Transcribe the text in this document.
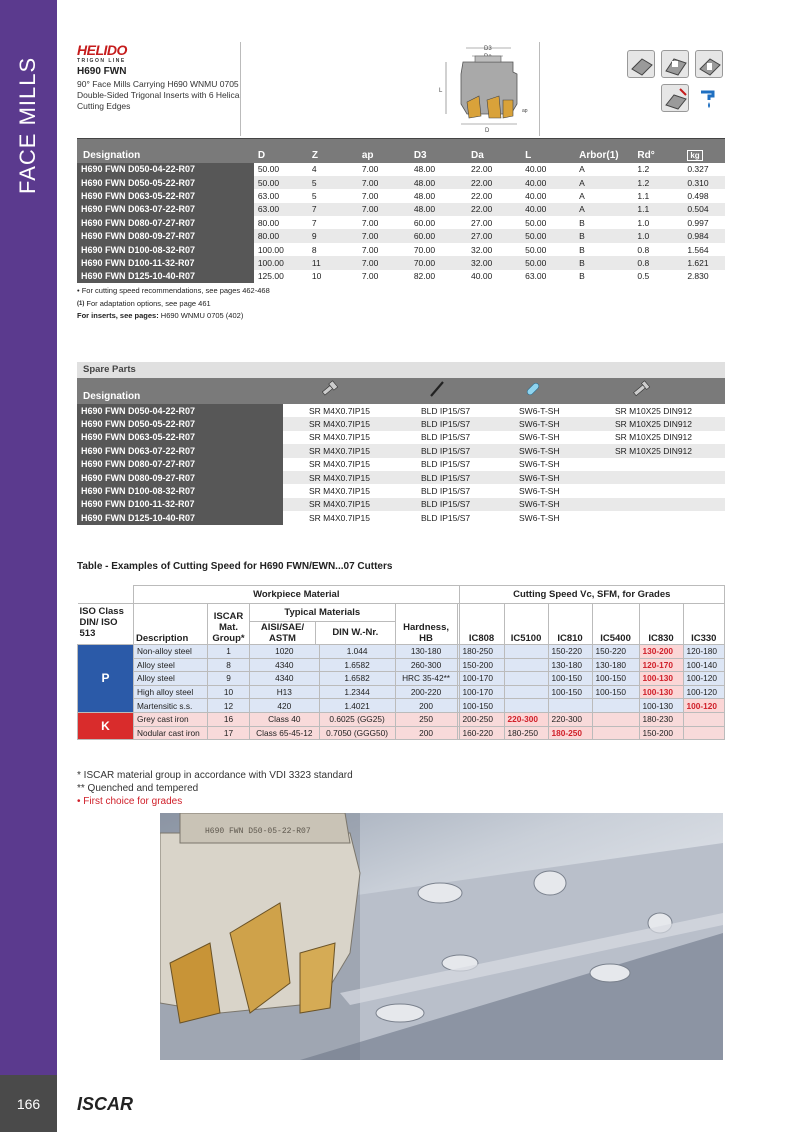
FACE MILLS
166	ISCAR
HELIDO
TRIGON LINE
H690 FWN
90° Face Mills Carrying H690 WNMU 0705 Double-Sided Trigonal Inserts with 6 Helical Cutting Edges
D3
L
ap
D
Designation	D	Z	ap	D3	Da	L	Arbor(1)	Rd°	kg
H690 FWN D050-04-22-R07	50.00	4	7.00	48.00	22.00	40.00	A	1.2	0.327
H690 FWN D050-05-22-R07	50.00	5	7.00	48.00	22.00	40.00	A	1.2	0.310
H690 FWN D063-05-22-R07	63.00	5	7.00	48.00	22.00	40.00	A	1.1	0.498
H690 FWN D063-07-22-R07	63.00	7	7.00	48.00	22.00	40.00	A	1.1	0.504
H690 FWN D080-07-27-R07	80.00	7	7.00	60.00	27.00	50.00	B	1.0	0.997
H690 FWN D080-09-27-R07	80.00	9	7.00	60.00	27.00	50.00	B	1.0	0.984
H690 FWN D100-08-32-R07	100.00	8	7.00	70.00	32.00	50.00	B	0.8	1.564
H690 FWN D100-11-32-R07	100.00	11	7.00	70.00	32.00	50.00	B	0.8	1.621
H690 FWN D125-10-40-R07	125.00	10	7.00	82.00	40.00	63.00	B	0.5	2.830
• For cutting speed recommendations, see pages 462-468
$^{(1)}$ For adaptation options, see page 461
For inserts, see pages: H690 WNMU 0705 (402)
Spare Parts
Designation				
H690 FWN D050-04-22-R07	SR M4X0.7IP15	BLD IP15/S7	SW6-T-SH	SR M10X25 DIN912
H690 FWN D050-05-22-R07	SR M4X0.7IP15	BLD IP15/S7	SW6-T-SH	SR M10X25 DIN912
H690 FWN D063-05-22-R07	SR M4X0.7IP15	BLD IP15/S7	SW6-T-SH	SR M10X25 DIN912
H690 FWN D063-07-22-R07	SR M4X0.7IP15	BLD IP15/S7	SW6-T-SH	SR M10X25 DIN912
H690 FWN D080-07-27-R07	SR M4X0.7IP15	BLD IP15/S7	SW6-T-SH	
H690 FWN D080-09-27-R07	SR M4X0.7IP15	BLD IP15/S7	SW6-T-SH	
H690 FWN D100-08-32-R07	SR M4X0.7IP15	BLD IP15/S7	SW6-T-SH	
H690 FWN D100-11-32-R07	SR M4X0.7IP15	BLD IP15/S7	SW6-T-SH	
H690 FWN D125-10-40-R07	SR M4X0.7IP15	BLD IP15/S7	SW6-T-SH	
Table - Examples of Cutting Speed for H690 FWN/EWN...07 Cutters
	Workpiece Material						Cutting Speed Vc, SFM, for Grades					
ISO Class DIN/ ISO 513	Description	ISCAR Mat. Group*	Typical Materials
AISI/SAE/ ASTM
DIN W.-Nr.		Hardness, HB		IC808	IC5100	IC810	IC5400	IC830	IC330
P	Non-alloy steel	1	1020	1.044	130-180		180-250		150-220	150-220	130-200	120-180
	Alloy steel	8	4340	1.6582	260-300		150-200		130-180	130-180	120-170	100-140
	Alloy steel	9	4340	1.6582	HRC 35-42**		100-170		100-150	100-150	100-130	100-120
	High alloy steel	10	H13	1.2344	200-220		100-170		100-150	100-150	100-130	100-120
	Martensitic s.s.	12	420	1.4021	200		100-150				100-130	100-120
K	Grey cast iron	16	Class 40	0.6025 (GG25)	250		200-250	220-300	220-300		180-230	
	Nodular cast iron	17	Class 65-45-12	0.7050 (GGG50)	200		160-220	180-250	180-250		150-200	
* ISCAR material group in accordance with VDI 3323 standard
** Quenched and tempered
• First choice for grades
H690 FWN D50-05-22-R07
